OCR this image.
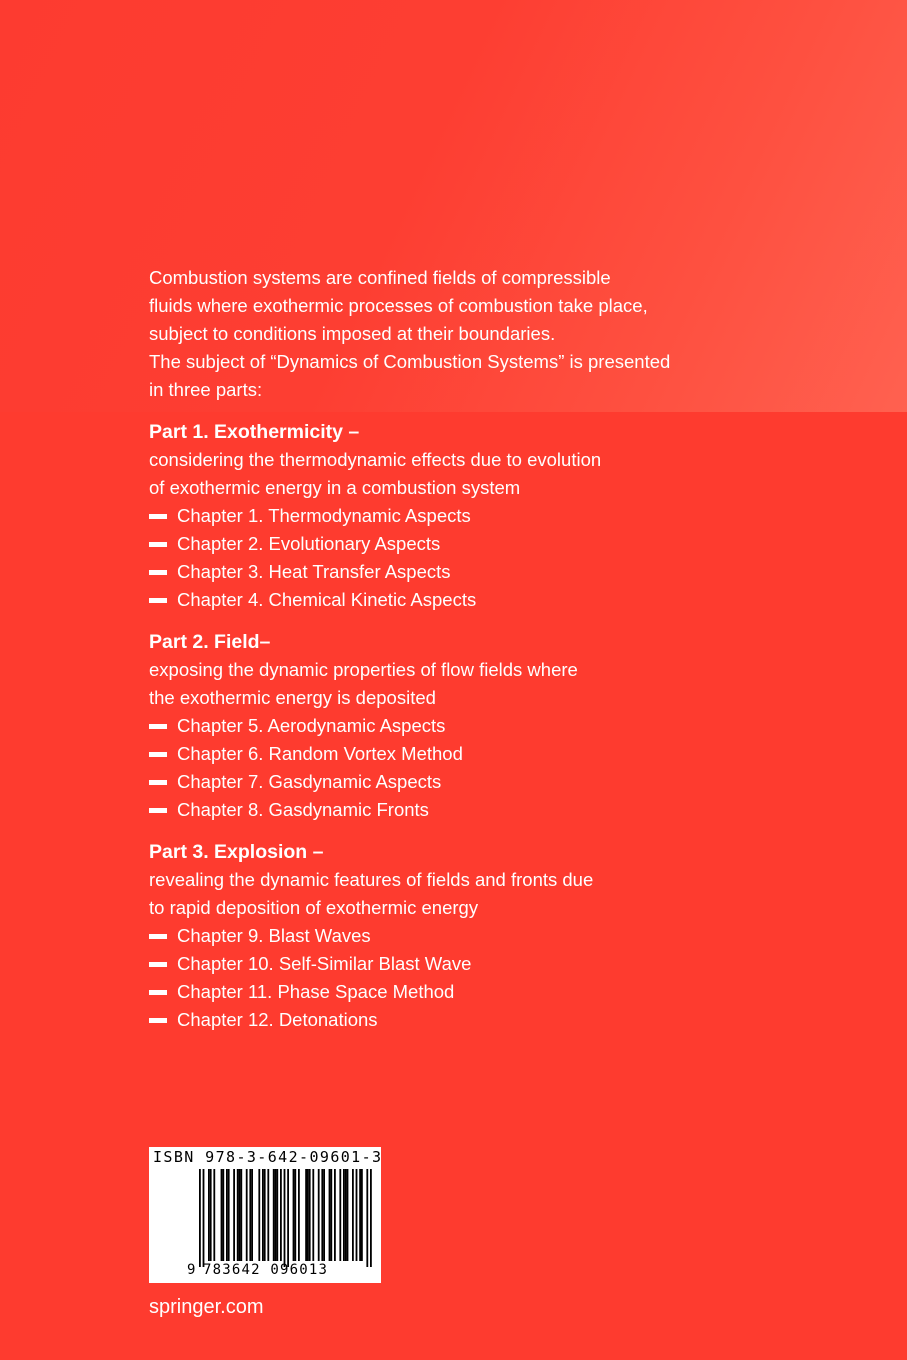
Combustion systems are confined fields of compressible

fluids where exothermic processes of combustion take place,

subject to conditions imposed at their boundaries.

The subject of “Dynamics of Combustion Systems” is presented

in three parts:

Part 1. Exothermicity –

considering the thermodynamic effects due to evolution

of exothermic energy in a combustion system

Chapter 1. Thermodynamic Aspects
Chapter 2. Evolutionary Aspects
Chapter 3. Heat Transfer Aspects
Chapter 4. Chemical Kinetic Aspects

Part 2. Field–

exposing the dynamic properties of flow fields where

the exothermic energy is deposited

Chapter 5. Aerodynamic Aspects
Chapter 6. Random Vortex Method
Chapter 7. Gasdynamic Aspects
Chapter 8. Gasdynamic Fronts

Part 3. Explosion –

revealing the dynamic features of fields and fronts due

to rapid deposition of exothermic energy

Chapter 9. Blast Waves
Chapter 10. Self-Similar Blast Wave
Chapter 11. Phase Space Method
Chapter 12. Detonations
ISBN 978-3-642-09601-3
9 783642 096013
springer.com
